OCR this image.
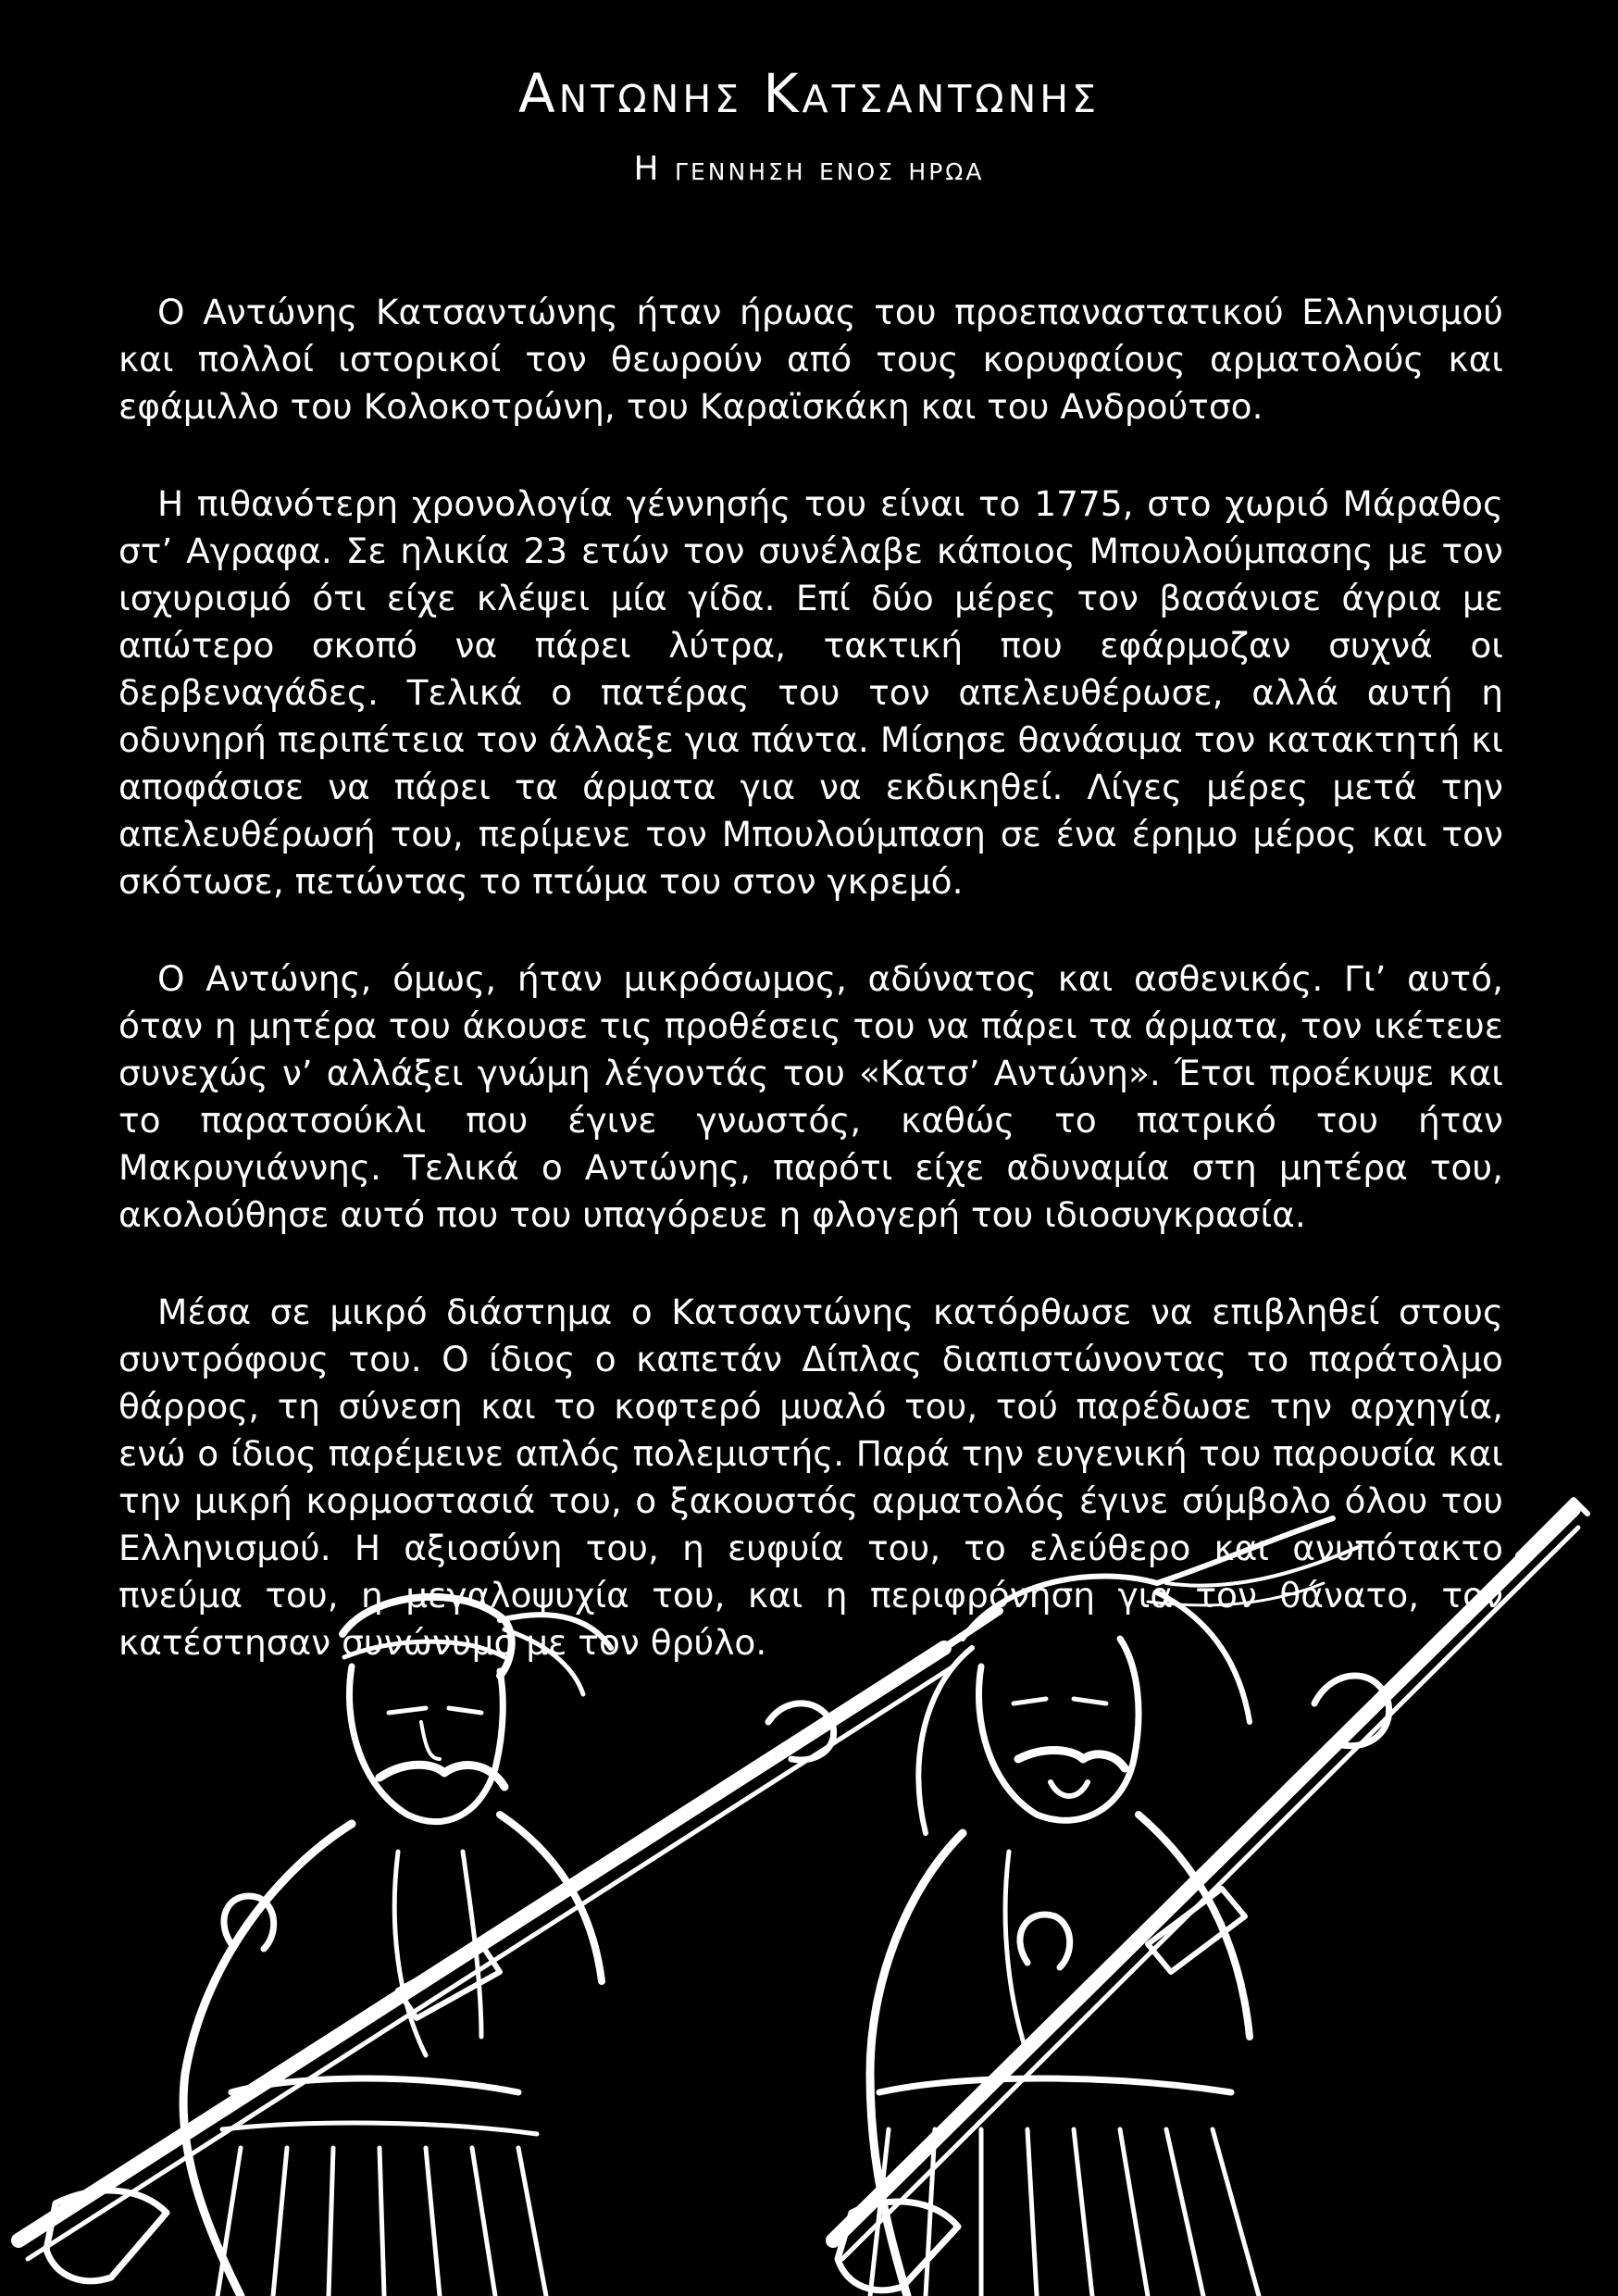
Αντωνης Κατσαντωνης
Η γεννηση ενος ηρωα

Ο Αντώνης Κατσαντώνης ήταν ήρωας του προεπαναστατικού Ελληνισμού και πολλοί ιστορικοί τον θεωρούν από τους κορυφαίους αρματολούς και εφάμιλλο του Κολοκοτρώνη, του Καραϊσκάκη και του Ανδρούτσο.

Η πιθανότερη χρονολογία γέννησής του είναι το 1775, στο χωριό Μάραθος στ’ Αγραφα. Σε ηλικία 23 ετών τον συνέλαβε κάποιος Μπουλούμπασης με τον ισχυρισμό ότι είχε κλέψει μία γίδα. Επί δύο μέρες τον βασάνισε άγρια με απώτερο σκοπό να πάρει λύτρα, τακτική που εφάρμοζαν συχνά οι δερβεναγάδες. Τελικά ο πατέρας του τον απελευθέρωσε, αλλά αυτή η οδυνηρή περιπέτεια τον άλλαξε για πάντα. Μίσησε θανάσιμα τον κατακτητή κι αποφάσισε να πάρει τα άρματα για να εκδικηθεί. Λίγες μέρες μετά την απελευθέρωσή του, περίμενε τον Μπουλούμπαση σε ένα έρημο μέρος και τον σκότωσε, πετώντας το πτώμα του στον γκρεμό.

Ο Αντώνης, όμως, ήταν μικρόσωμος, αδύνατος και ασθενικός. Γι’ αυτό, όταν η μητέρα του άκουσε τις προθέσεις του να πάρει τα άρματα, τον ικέτευε συνεχώς ν’ αλλάξει γνώμη λέγοντάς του «Κατσ’ Αντώνη». Έτσι προέκυψε και το παρατσούκλι που έγινε γνωστός, καθώς το πατρικό του ήταν Μακρυγιάννης. Τελικά ο Αντώνης, παρότι είχε αδυναμία στη μητέρα του, ακολούθησε αυτό που του υπαγόρευε η φλογερή του ιδιοσυγκρασία.

Μέσα σε μικρό διάστημα ο Κατσαντώνης κατόρθωσε να επιβληθεί στους συντρόφους του. Ο ίδιος ο καπετάν Δίπλας διαπιστώνοντας το παράτολμο θάρρος, τη σύνεση και το κοφτερό μυαλό του, τού παρέδωσε την αρχηγία, ενώ ο ίδιος παρέμεινε απλός πολεμιστής. Παρά την ευγενική του παρουσία και την μικρή κορμοστασιά του, ο ξακουστός αρματολός έγινε σύμβολο όλου του Ελληνισμού. Η αξιοσύνη του, η ευφυία του, το ελεύθερο και ανυπότακτο πνεύμα του, η μεγαλοψυχία του, και η περιφρόνηση για τον θάνατο, τον κατέστησαν συνώνυμο με τον θρύλο.
